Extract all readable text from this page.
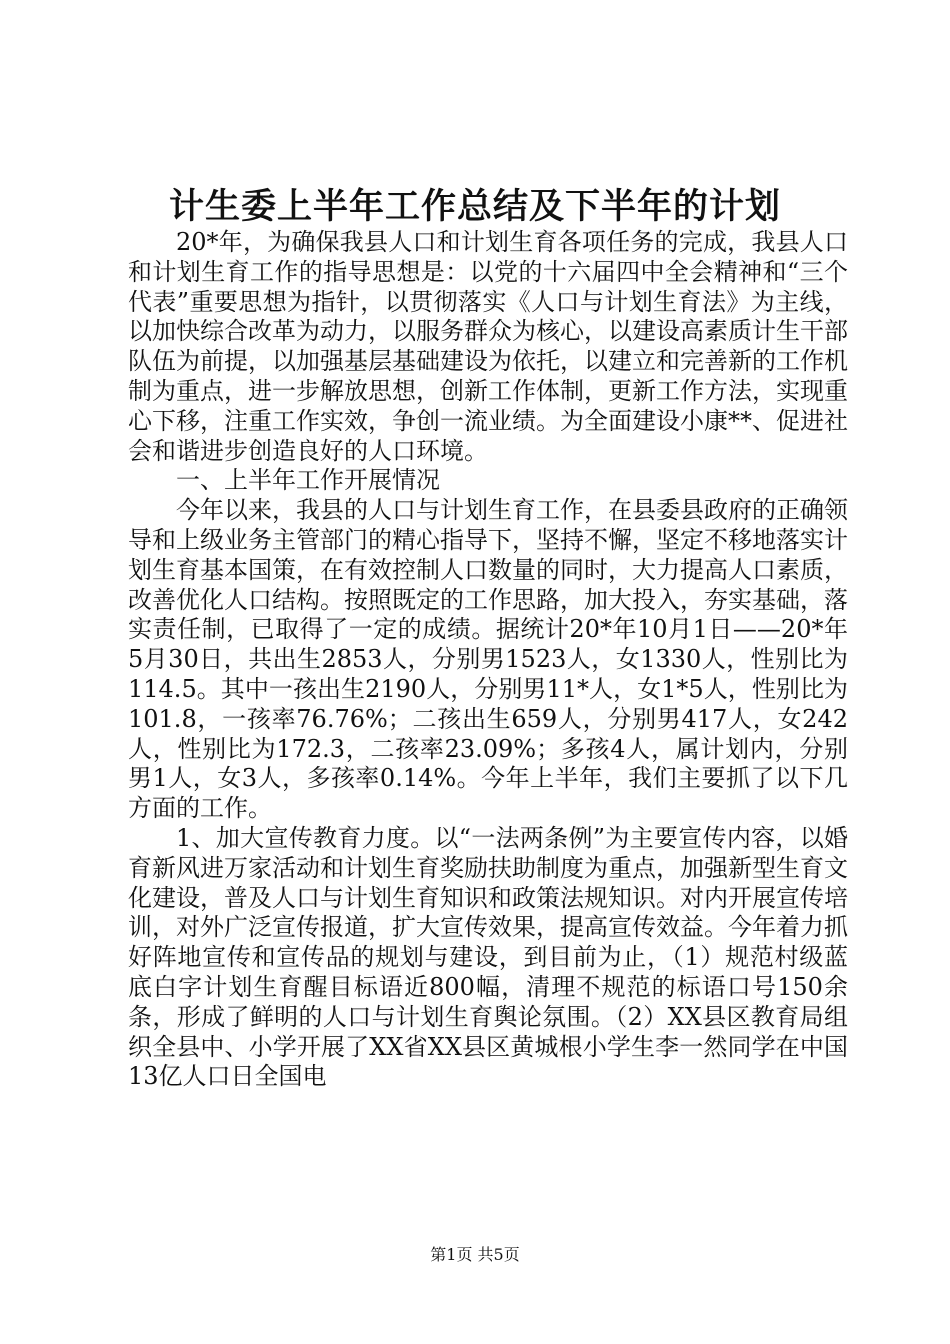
计生委上半年工作总结及下半年的计划

20*年，为确保我县人口和计划生育各项任务的完成，我县人口和计划生育工作的指导思想是：以党的十六届四中全会精神和“三个代表”重要思想为指针，以贯彻落实《人口与计划生育法》为主线，以加快综合改革为动力，以服务群众为核心，以建设高素质计生干部队伍为前提，以加强基层基础建设为依托，以建立和完善新的工作机制为重点，进一步解放思想，创新工作体制，更新工作方法，实现重心下移，注重工作实效，争创一流业绩。为全面建设小康**、促进社会和谐进步创造良好的人口环境。

一、上半年工作开展情况

今年以来，我县的人口与计划生育工作，在县委县政府的正确领导和上级业务主管部门的精心指导下，坚持不懈，坚定不移地落实计划生育基本国策，在有效控制人口数量的同时，大力提高人口素质，改善优化人口结构。按照既定的工作思路，加大投入，夯实基础，落实责任制，已取得了一定的成绩。据统计20*年10月1日——20*年5月30日，共出生2853人，分别男1523人，女1330人，性别比为114.5。其中一孩出生2190人，分别男11*人，女1*5人，性别比为101.8，一孩率76.76%；二孩出生659人，分别男417人，女242人，性别比为172.3，二孩率23.09%；多孩4人，属计划内，分别男1人，女3人，多孩率0.14%。今年上半年，我们主要抓了以下几方面的工作。

1、加大宣传教育力度。以“一法两条例”为主要宣传内容，以婚育新风进万家活动和计划生育奖励扶助制度为重点，加强新型生育文化建设，普及人口与计划生育知识和政策法规知识。对内开展宣传培训，对外广泛宣传报道，扩大宣传效果，提高宣传效益。今年着力抓好阵地宣传和宣传品的规划与建设，到目前为止，（1）规范村级蓝底白字计划生育醒目标语近800幅，清理不规范的标语口号150余条，形成了鲜明的人口与计划生育舆论氛围。（2）XX县区教育局组织全县中、小学开展了XX省XX县区黄城根小学生李一然同学在中国13亿人口日全国电

第1页 共5页
